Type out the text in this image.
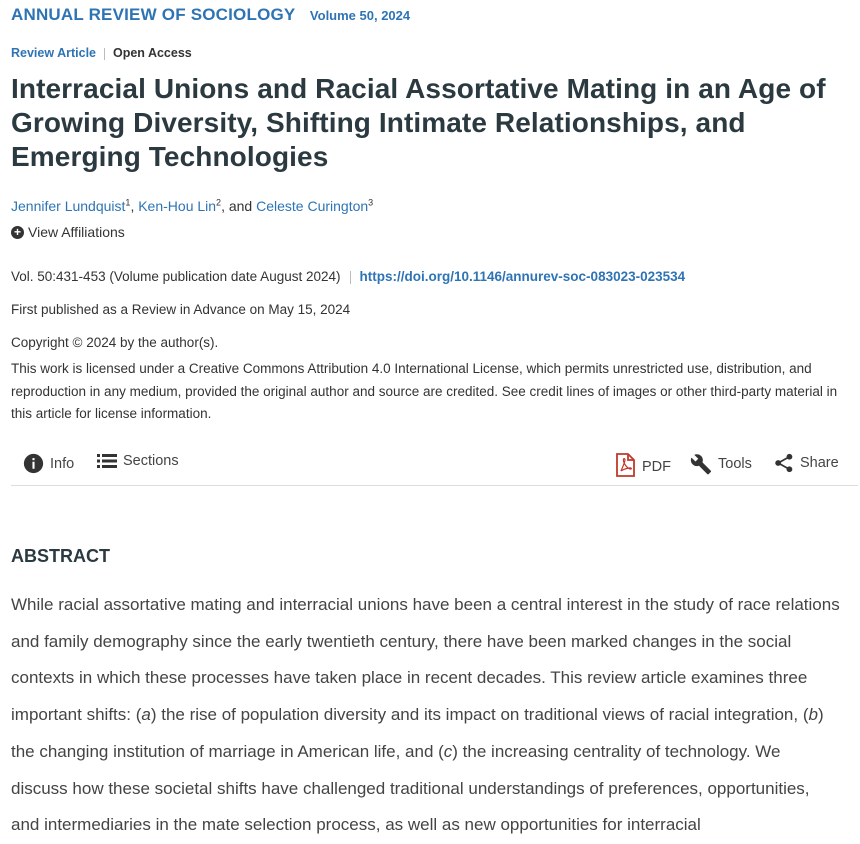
ANNUAL REVIEW OF SOCIOLOGY Volume 50, 2024
Review Article Open Access
Interracial Unions and Racial Assortative Mating in an Age of Growing Diversity, Shifting Intimate Relationships, and Emerging Technologies
Jennifer Lundquist$^1$, Ken-Hou Lin$^2$, and Celeste Curington$^3$
+ View Affiliations
Vol. 50:431-453 (Volume publication date August 2024) https://doi.org/10.1146/annurev-soc-083023-023534
First published as a Review in Advance on May 15, 2024
Copyright © 2024 by the author(s).

This work is licensed under a Creative Commons Attribution 4.0 International License, which permits unrestricted use, distribution, and reproduction in any medium, provided the original author and source are credited. See credit lines of images or other third-party material in this article for license information.

Info	Sections	PDF	Tools	Share
ABSTRACT

While racial assortative mating and interracial unions have been a central interest in the study of race relations and family demography since the early twentieth century, there have been marked changes in the social contexts in which these processes have taken place in recent decades. This review article examines three important shifts: (a) the rise of population diversity and its impact on traditional views of racial integration, (b) the changing institution of marriage in American life, and (c) the increasing centrality of technology. We discuss how these societal shifts have challenged traditional understandings of preferences, opportunities, and intermediaries in the mate selection process, as well as new opportunities for interracial
